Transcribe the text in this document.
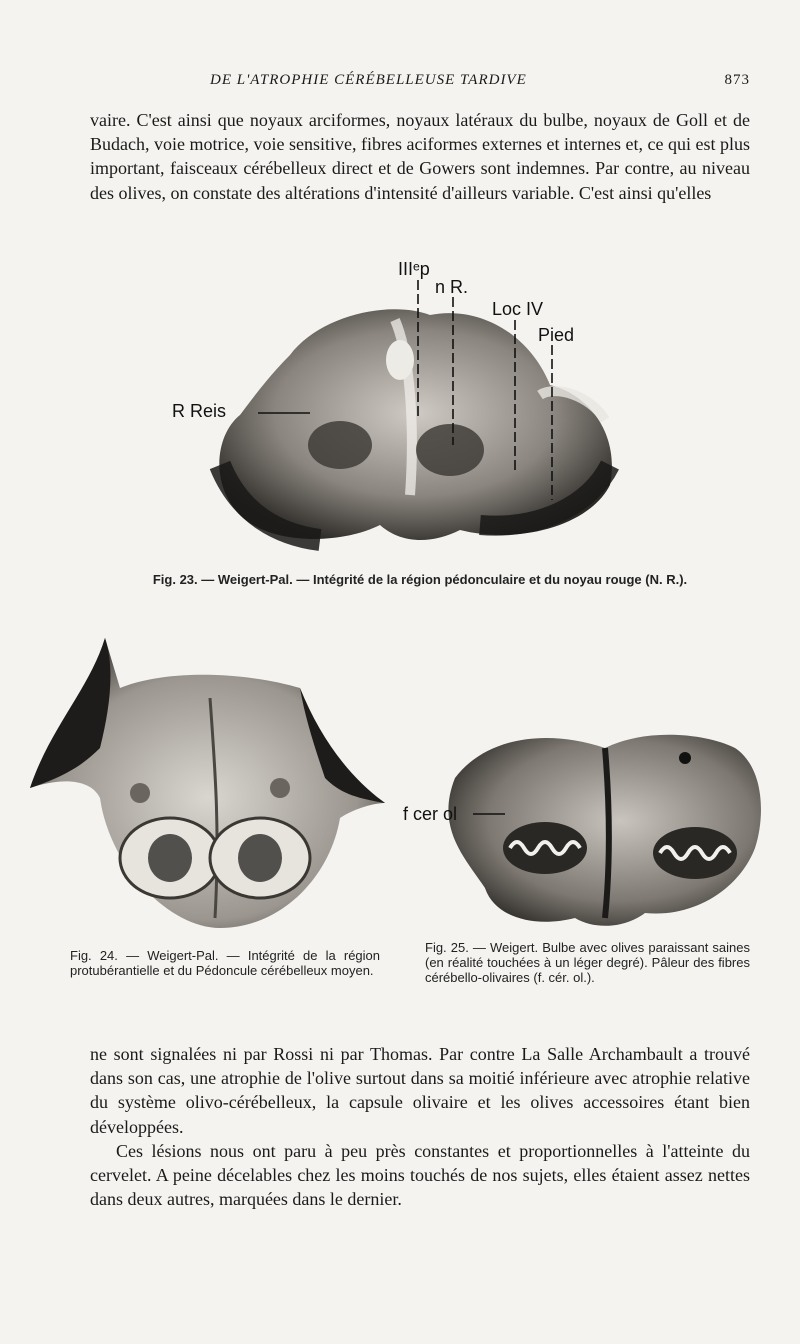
DE L'ATROPHIE CÉRÉBELLEUSE TARDIVE	873

vaire. C'est ainsi que noyaux arciformes, noyaux latéraux du bulbe, noyaux de Goll et de Budach, voie motrice, voie sensitive, fibres aciformes externes et internes et, ce qui est plus important, faisceaux cérébelleux direct et de Gowers sont indemnes. Par contre, au niveau des olives, on constate des altérations d'intensité d'ailleurs variable. C'est ainsi qu'elles

IIIᵉp
n R.
Loc IV
Pied
R Reis
Fig. 23. — Weigert-Pal. — Intégrité de la région pédonculaire et du noyau rouge (N. R.).
Fig. 24. — Weigert-Pal. — Intégrité de la région protubérantielle et du Pédoncule cérébelleux moyen.
f cer ol
Fig. 25. — Weigert. Bulbe avec olives paraissant saines (en réalité touchées à un léger degré). Pâleur des fibres cérébello-olivaires (f. cér. ol.).

ne sont signalées ni par Rossi ni par Thomas. Par contre La Salle Archambault a trouvé dans son cas, une atrophie de l'olive surtout dans sa moitié inférieure avec atrophie relative du système olivo-cérébelleux, la capsule olivaire et les olives accessoires étant bien développées.

Ces lésions nous ont paru à peu près constantes et proportionnelles à l'atteinte du cervelet. A peine décelables chez les moins touchés de nos sujets, elles étaient assez nettes dans deux autres, marquées dans le dernier.
